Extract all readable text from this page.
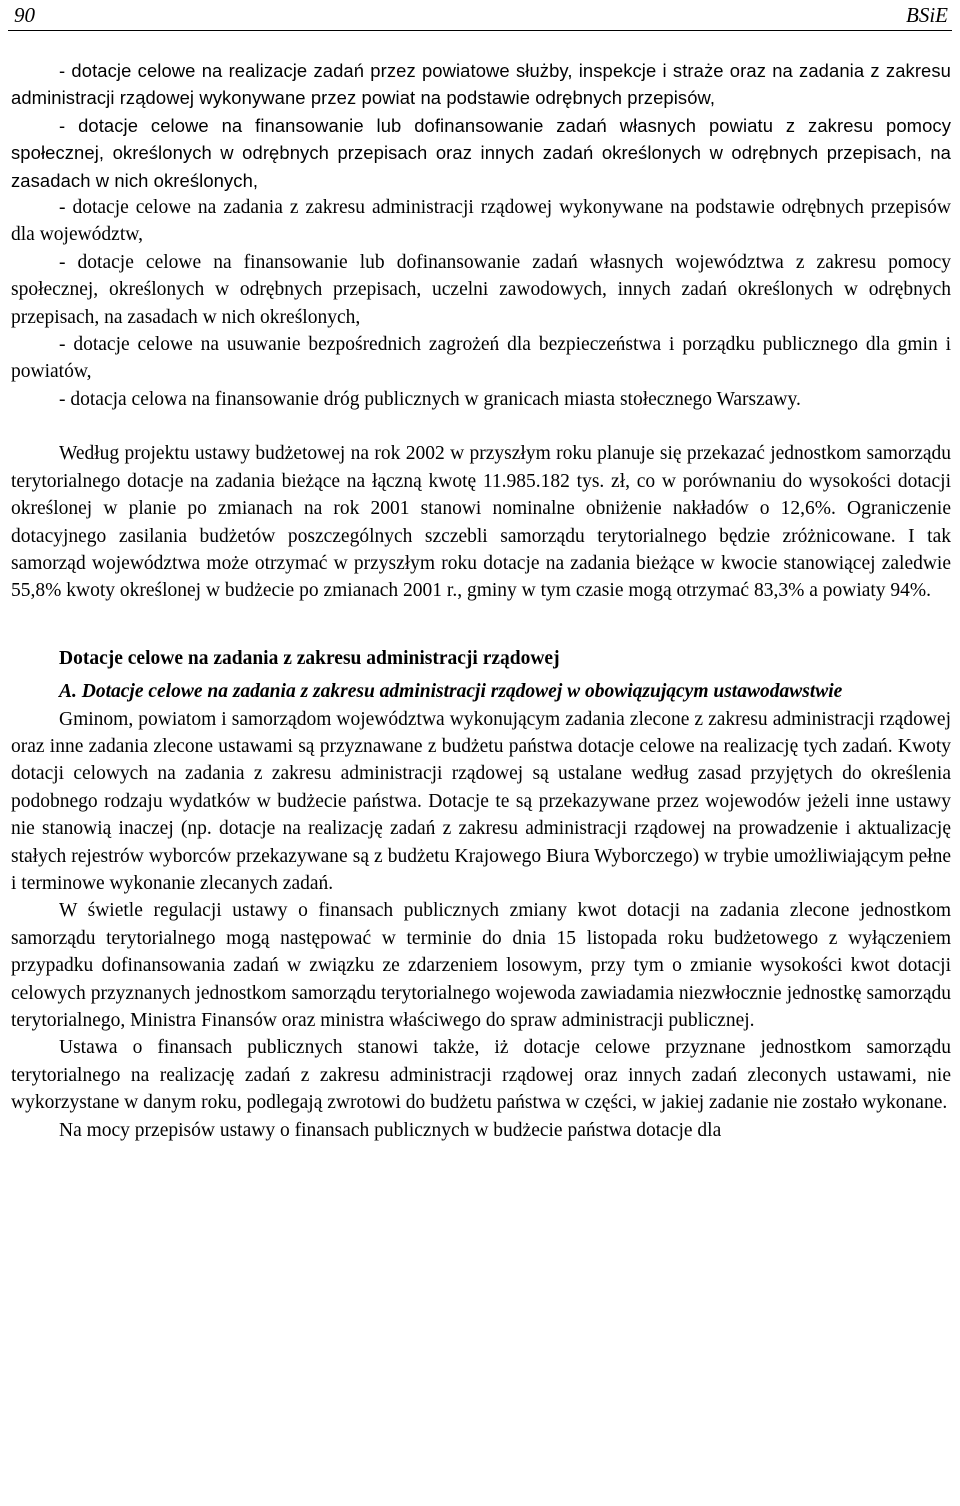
90	BSiE

- dotacje celowe na realizacje zadań przez powiatowe służby, inspekcje i straże oraz na zadania z zakresu administracji rządowej wykonywane przez powiat na podstawie odrębnych przepisów,

- dotacje celowe na finansowanie lub dofinansowanie zadań własnych powiatu z zakresu pomocy społecznej, określonych w odrębnych przepisach oraz innych zadań określonych w odrębnych przepisach, na zasadach w nich określonych,

- dotacje celowe na zadania z zakresu administracji rządowej wykonywane na podstawie odrębnych przepisów dla województw,

- dotacje celowe na finansowanie lub dofinansowanie zadań własnych województwa z zakresu pomocy społecznej, określonych w odrębnych przepisach, uczelni zawodowych, innych zadań określonych w odrębnych przepisach, na zasadach w nich określonych,

- dotacje celowe na usuwanie bezpośrednich zagrożeń dla bezpieczeństwa i porządku publicznego dla gmin i powiatów,

- dotacja celowa na finansowanie dróg publicznych w granicach miasta stołecznego Warszawy.

Według projektu ustawy budżetowej na rok 2002 w przyszłym roku planuje się przekazać jednostkom samorządu terytorialnego dotacje na zadania bieżące na łączną kwotę 11.985.182 tys. zł, co w porównaniu do wysokości dotacji określonej w planie po zmianach na rok 2001 stanowi nominalne obniżenie nakładów o 12,6%. Ograniczenie dotacyjnego zasilania budżetów poszczególnych szczebli samorządu terytorialnego będzie zróżnicowane. I tak samorząd województwa może otrzymać w przyszłym roku dotacje na zadania bieżące w kwocie stanowiącej zaledwie 55,8% kwoty określonej w budżecie po zmianach 2001 r., gminy w tym czasie mogą otrzymać 83,3% a powiaty 94%.

Dotacje celowe na zadania z zakresu administracji rządowej

A. Dotacje celowe na zadania z zakresu administracji rządowej w obowiązującym ustawodawstwie

Gminom, powiatom i samorządom województwa wykonującym zadania zlecone z zakresu administracji rządowej oraz inne zadania zlecone ustawami są przyznawane z budżetu państwa dotacje celowe na realizację tych zadań. Kwoty dotacji celowych na zadania z zakresu administracji rządowej są ustalane według zasad przyjętych do określenia podobnego rodzaju wydatków w budżecie państwa. Dotacje te są przekazywane przez wojewodów jeżeli inne ustawy nie stanowią inaczej (np. dotacje na realizację zadań z zakresu administracji rządowej na prowadzenie i aktualizację stałych rejestrów wyborców przekazywane są z budżetu Krajowego Biura Wyborczego) w trybie umożliwiającym pełne i terminowe wykonanie zlecanych zadań.

W świetle regulacji ustawy o finansach publicznych zmiany kwot dotacji na zadania zlecone jednostkom samorządu terytorialnego mogą następować w terminie do dnia 15 listopada roku budżetowego z wyłączeniem przypadku dofinansowania zadań w związku ze zdarzeniem losowym, przy tym o zmianie wysokości kwot dotacji celowych przyznanych jednostkom samorządu terytorialnego wojewoda zawiadamia niezwłocznie jednostkę samorządu terytorialnego, Ministra Finansów oraz ministra właściwego do spraw administracji publicznej.

Ustawa o finansach publicznych stanowi także, iż dotacje celowe przyznane jednostkom samorządu terytorialnego na realizację zadań z zakresu administracji rządowej oraz innych zadań zleconych ustawami, nie wykorzystane w danym roku, podlegają zwrotowi do budżetu państwa w części, w jakiej zadanie nie zostało wykonane.

Na mocy przepisów ustawy o finansach publicznych w budżecie państwa dotacje dla
